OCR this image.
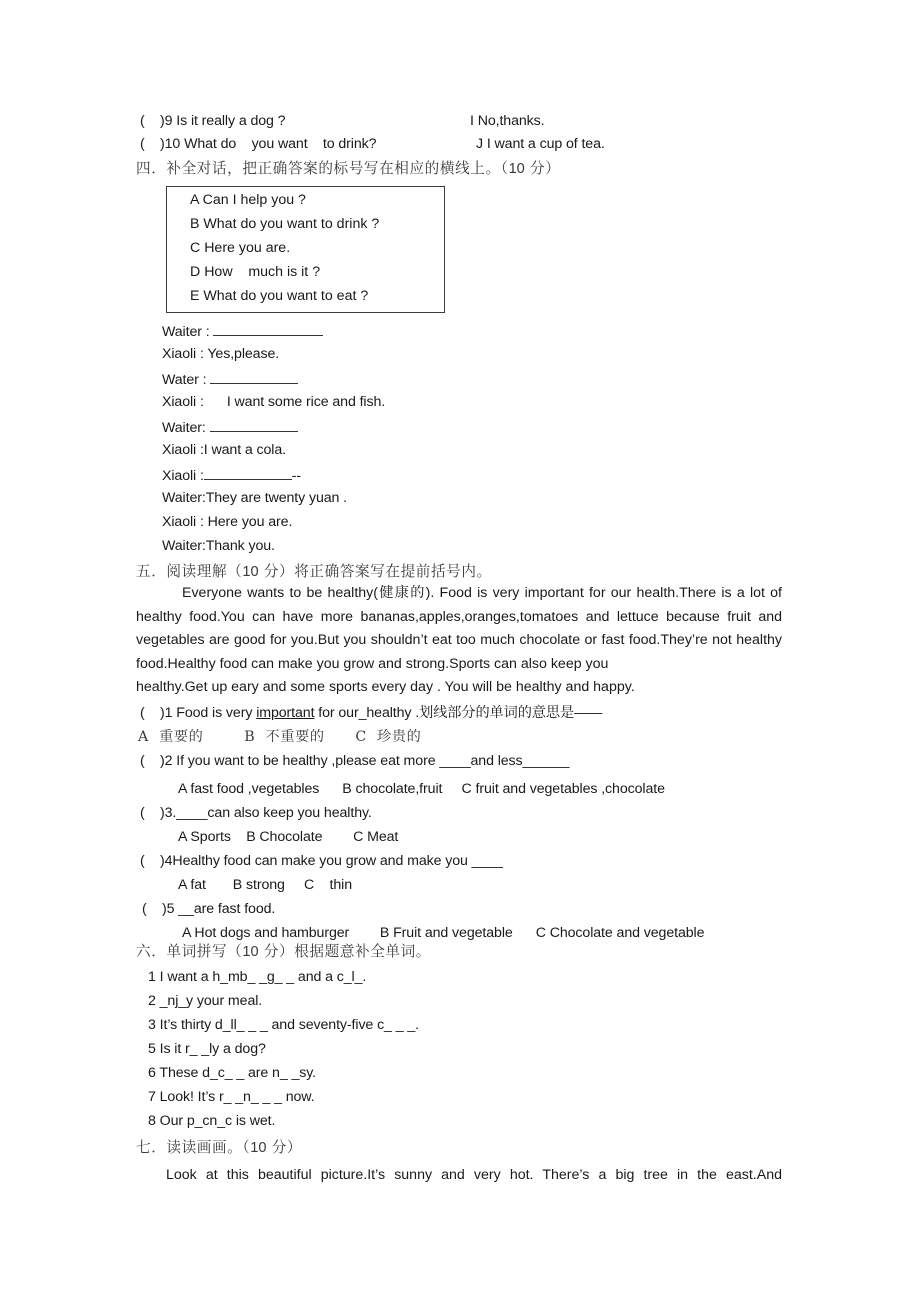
(    )9 Is it really a dog ?	I No,thanks.
(    )10 What do    you want    to drink?	J I want a cup of tea.
四．补全对话，把正确答案的标号写在相应的横线上。（10 分）
A Can I help you ?
B What do you want to drink ?
C Here you are.
D How    much is it ?
E What do you want to eat ?
Waiter :
Xiaoli : Yes,please.
Water :
Xiaoli :      I want some rice and fish.
Waiter:
Xiaoli :I want a cola.
Xiaoli :	--
Waiter:They are twenty yuan .
Xiaoli : Here you are.
Waiter:Thank you.
五．阅读理解（10 分）将正确答案写在提前括号内。
Everyone wants to be healthy(健康的). Food is very important for our health.There is a lot of healthy food.You can have more bananas,apples,oranges,tomatoes and lettuce because fruit and vegetables are good for you.But you shouldn’t eat too much chocolate or fast food.They’re not healthy food.Healthy food can make you grow and strong.Sports can also keep you
healthy.Get up eary and some sports every day . You will be healthy and happy.
(    )1 Food is very important for our_healthy .划线部分的单词的意思是——
A  重要的        B  不重要的      C  珍贵的
(    )2 If you want to be healthy ,please eat more ____and less______
A fast food ,vegetables      B chocolate,fruit     C fruit and vegetables ,chocolate
(    )3.____can also keep you healthy.
A Sports    B Chocolate        C Meat
(    )4Healthy food can make you grow and make you ____
A fat       B strong     C    thin
(    )5 __are fast food.
A Hot dogs and hamburger        B Fruit and vegetable      C Chocolate and vegetable
六．单词拼写（10 分）根据题意补全单词。
1 I want a h_mb_ _g_ _ and a c_l_.
2 _nj_y your meal.
3 It’s thirty d_ll_ _ _ and seventy-five c_ _ _.
5 Is it r_ _ly a dog?
6 These d_c_ _ are n_ _sy.
7 Look! It’s r_ _n_ _ _ now.
8 Our p_cn_c is wet.
七．读读画画。（10 分）
Look at this beautiful picture.It’s sunny and very hot. There’s a big tree in the east.And
